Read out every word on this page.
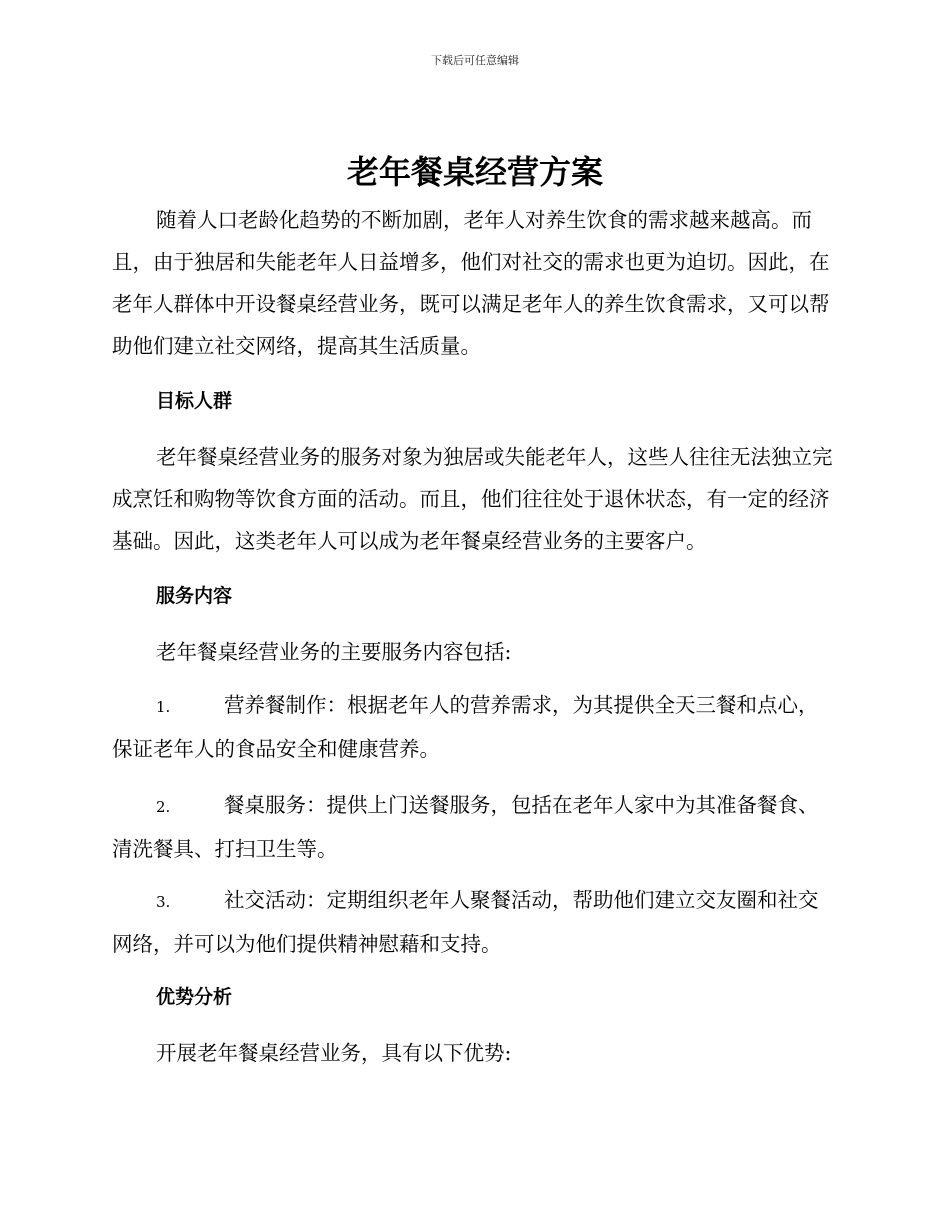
下载后可任意编辑
老年餐桌经营方案

随着人口老龄化趋势的不断加剧，老年人对养生饮食的需求越来越高。而且，由于独居和失能老年人日益增多，他们对社交的需求也更为迫切。因此，在老年人群体中开设餐桌经营业务，既可以满足老年人的养生饮食需求，又可以帮助他们建立社交网络，提高其生活质量。

目标人群

老年餐桌经营业务的服务对象为独居或失能老年人，这些人往往无法独立完成烹饪和购物等饮食方面的活动。而且，他们往往处于退休状态，有一定的经济基础。因此，这类老年人可以成为老年餐桌经营业务的主要客户。

服务内容

老年餐桌经营业务的主要服务内容包括:

1.	营养餐制作：根据老年人的营养需求，为其提供全天三餐和点心，保证老年人的食品安全和健康营养。

2.	餐桌服务：提供上门送餐服务，包括在老年人家中为其准备餐食、清洗餐具、打扫卫生等。

3.	社交活动：定期组织老年人聚餐活动，帮助他们建立交友圈和社交网络，并可以为他们提供精神慰藉和支持。

优势分析

开展老年餐桌经营业务，具有以下优势:
